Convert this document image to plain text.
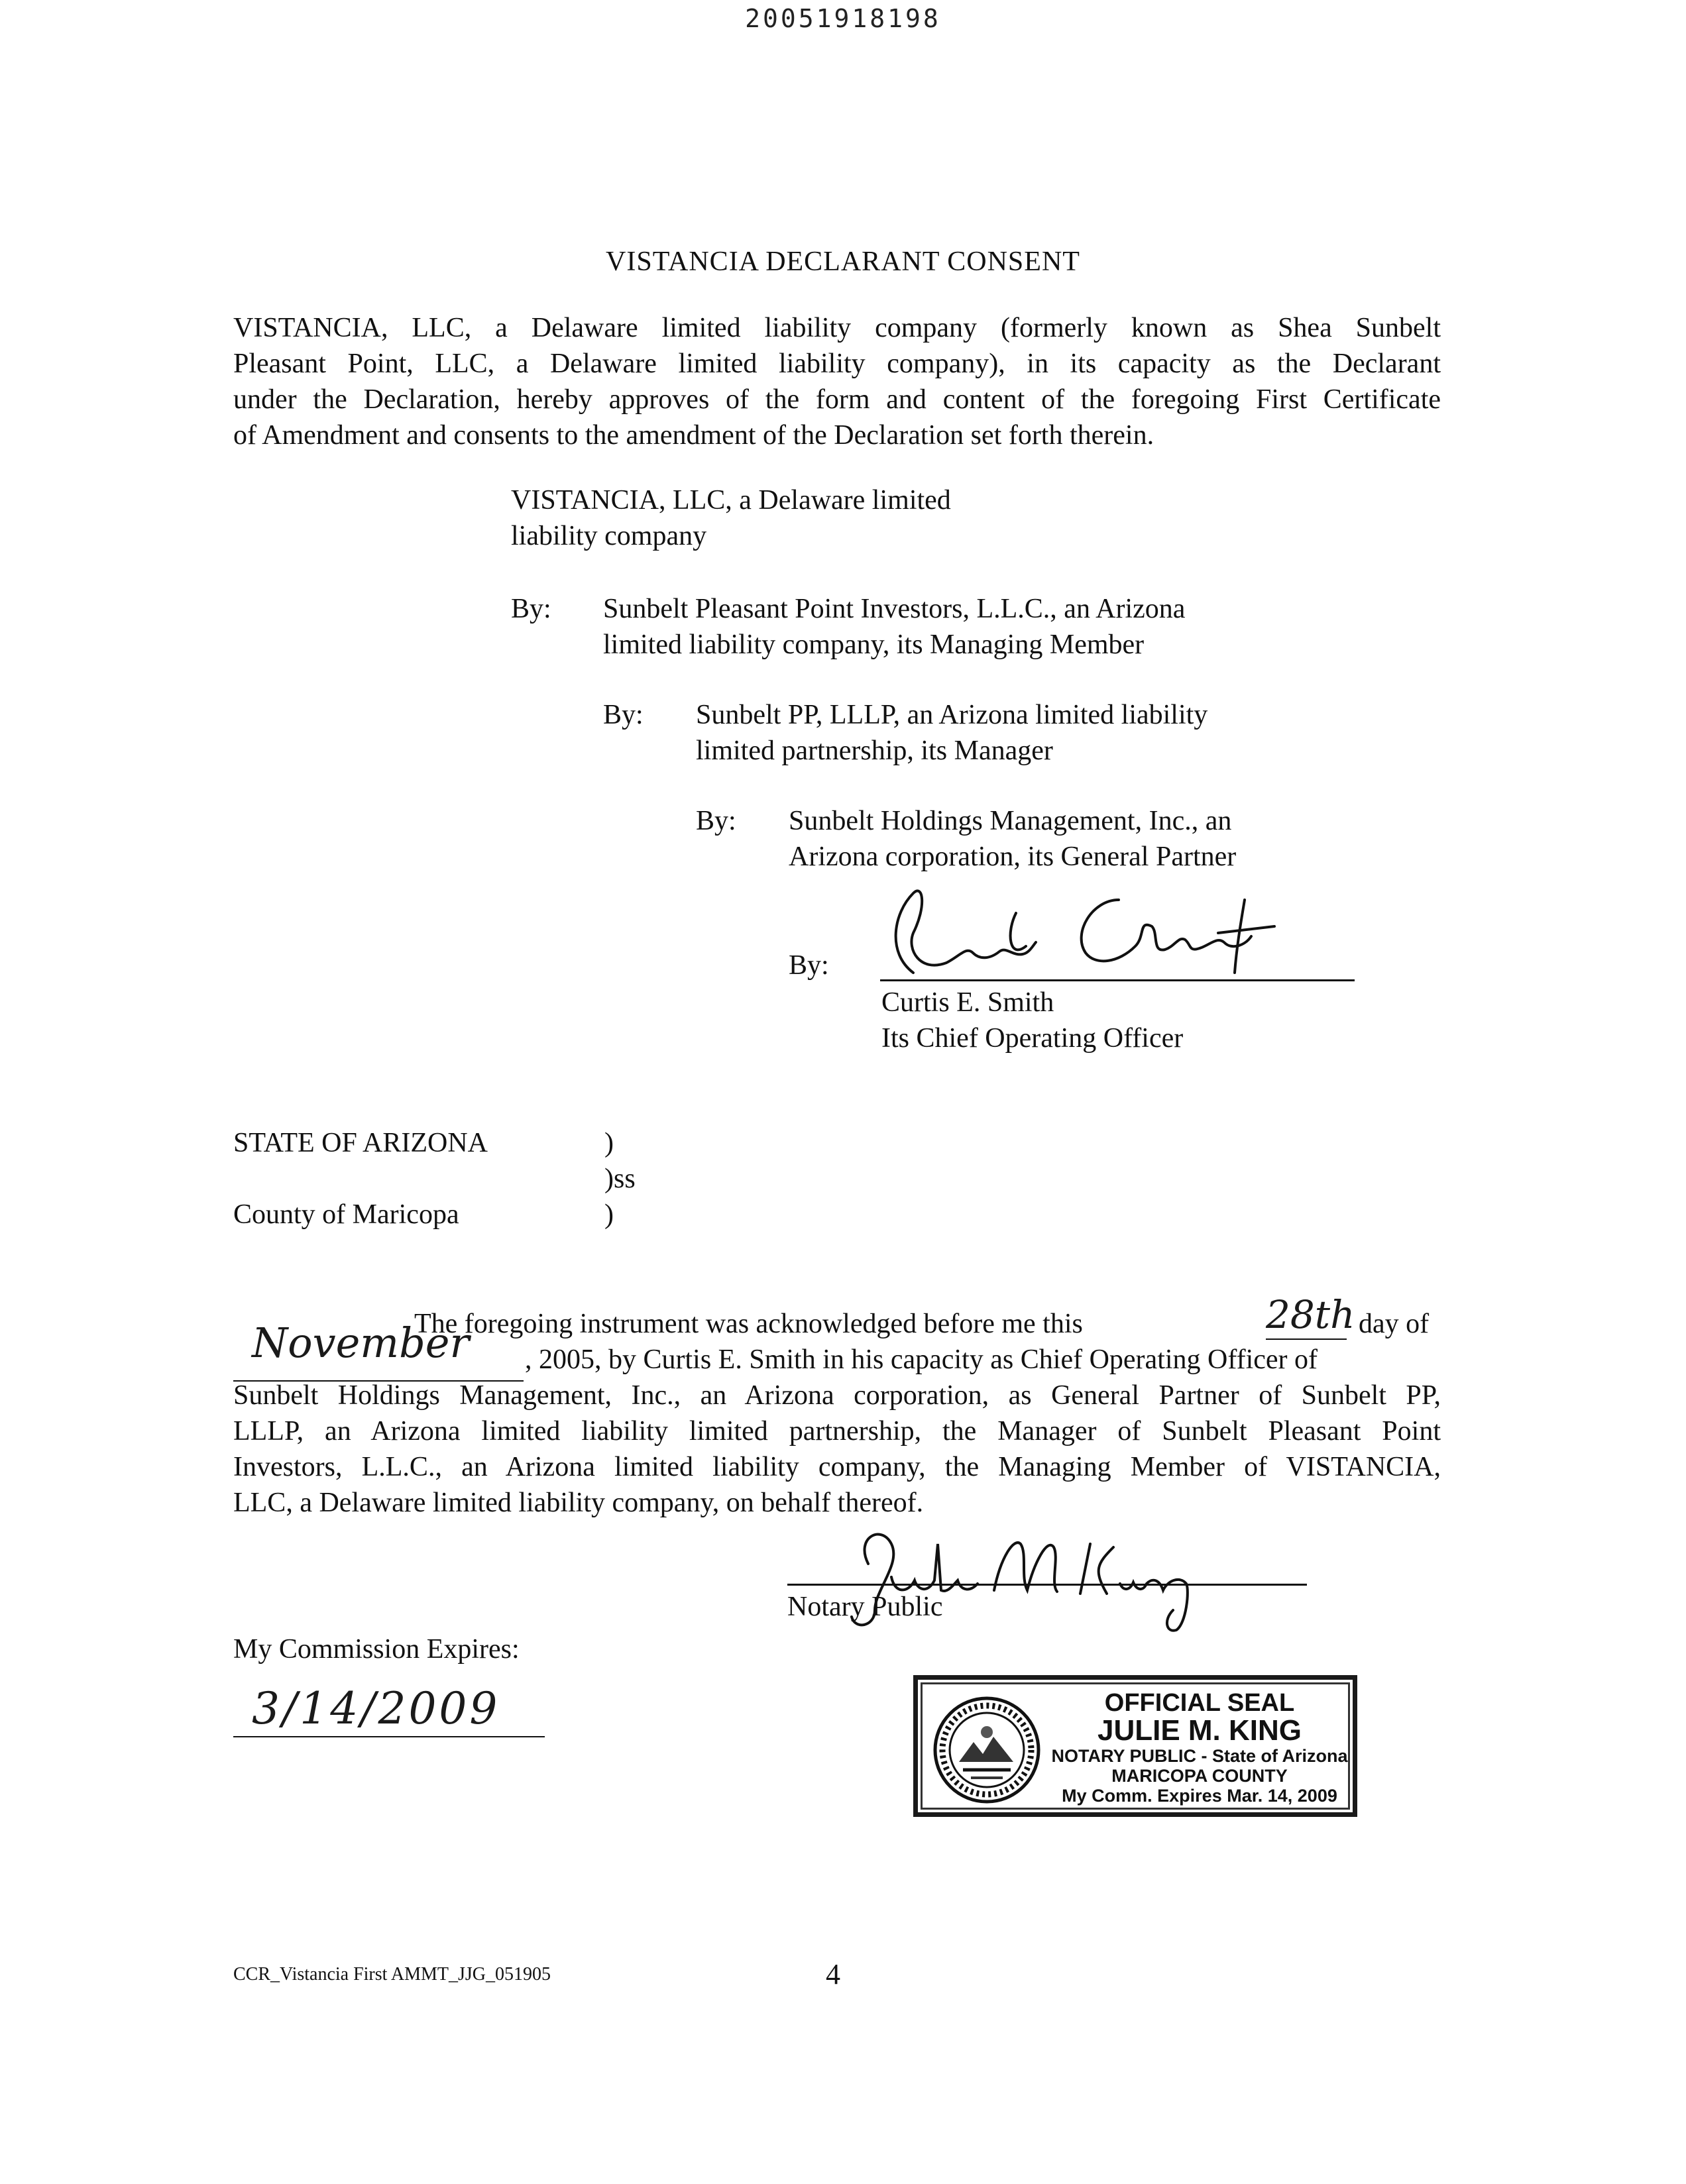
20051918198
VISTANCIA DECLARANT CONSENT
VISTANCIA, LLC, a Delaware limited liability company (formerly known as Shea Sunbelt
Pleasant Point, LLC, a Delaware limited liability company), in its capacity as the Declarant
under the Declaration, hereby approves of the form and content of the foregoing First Certificate
of Amendment and consents to the amendment of the Declaration set forth therein.
VISTANCIA, LLC, a Delaware limited
liability company
By: Sunbelt Pleasant Point Investors, L.L.C., an Arizona
limited liability company, its Managing Member
By: Sunbelt PP, LLLP, an Arizona limited liability
limited partnership, its Manager
By: Sunbelt Holdings Management, Inc., an
Arizona corporation, its General Partner
By:
Curtis E. Smith
Its Chief Operating Officer
STATE OF ARIZONA	)
)ss
County of Maricopa	)
November
The foregoing instrument was acknowledged before me this	28th day of
, 2005, by Curtis E. Smith in his capacity as Chief Operating Officer of
Sunbelt Holdings Management, Inc., an Arizona corporation, as General Partner of Sunbelt PP,
LLLP, an Arizona limited liability limited partnership, the Manager of Sunbelt Pleasant Point
Investors, L.L.C., an Arizona limited liability company, the Managing Member of VISTANCIA,
LLC, a Delaware limited liability company, on behalf thereof.
Notary Public
My Commission Expires:
3/14/2009	OFFICIAL SEAL
JULIE M. KING
NOTARY PUBLIC - State of Arizona
MARICOPA COUNTY
My Comm. Expires Mar. 14, 2009
CCR_Vistancia First AMMT_JJG_051905	4
